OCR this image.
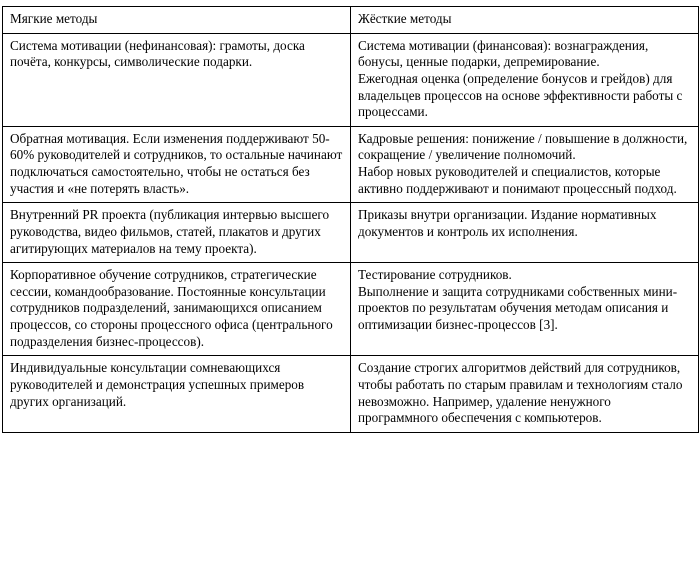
Мягкие методы	Жёсткие методы

Система мотивации (нефинансовая): грамоты, доска почёта, конкурсы, символические подарки.	Система мотивации (финансовая): вознаграждения, бонусы, ценные подарки, депремирование.
Ежегодная оценка (определение бонусов и грейдов) для владельцев процессов на основе эффективности работы с процессами.

Обратная мотивация. Если изменения поддерживают 50-60% руководителей и сотрудников, то остальные начинают подключаться самостоятельно, чтобы не остаться без участия и «не потерять власть».	Кадровые решения: понижение / повышение в должности, сокращение / увеличение полномочий.
Набор новых руководителей и специалистов, которые активно поддерживают и понимают процессный подход.

Внутренний PR проекта (публикация интервью высшего руководства, видео фильмов, статей, плакатов и других агитирующих материалов на тему проекта).	Приказы внутри организации. Издание нормативных документов и контроль их исполнения.

Корпоративное обучение сотрудников, стратегические сессии, командообразование. Постоянные консультации сотрудников подразделений, занимающихся описанием процессов, со стороны процессного офиса (центрального подразделения бизнес-процессов).	Тестирование сотрудников.
Выполнение и защита сотрудниками собственных мини-проектов по результатам обучения методам описания и оптимизации бизнес-процессов [3].

Индивидуальные консультации сомневающихся руководителей и демонстрация успешных примеров других организаций.	Создание строгих алгоритмов действий для сотрудников, чтобы работать по старым правилам и технологиям стало невозможно. Например, удаление ненужного программного обеспечения с компьютеров.
